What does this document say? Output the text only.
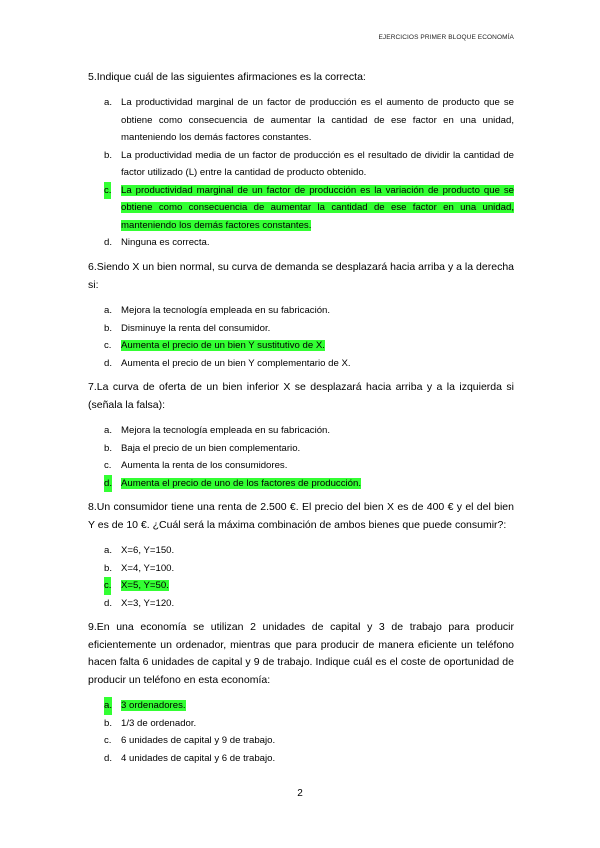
EJERCICIOS PRIMER BLOQUE ECONOMÍA
5.Indique cuál de las siguientes afirmaciones es la correcta:
a. La productividad marginal de un factor de producción es el aumento de producto que se obtiene como consecuencia de aumentar la cantidad de ese factor en una unidad, manteniendo los demás factores constantes.
b. La productividad media de un factor de producción es el resultado de dividir la cantidad de factor utilizado (L) entre la cantidad de producto obtenido.
c. La productividad marginal de un factor de producción es la variación de producto que se obtiene como consecuencia de aumentar la cantidad de ese factor en una unidad, manteniendo los demás factores constantes.
d. Ninguna es correcta.
6.Siendo X un bien normal, su curva de demanda se desplazará hacia arriba y a la derecha si:
a. Mejora la tecnología empleada en su fabricación.
b. Disminuye la renta del consumidor.
c. Aumenta el precio de un bien Y sustitutivo de X.
d. Aumenta el precio de un bien Y complementario de X.
7.La curva de oferta de un bien inferior X se desplazará hacia arriba y a la izquierda si (señala la falsa):
a. Mejora la tecnología empleada en su fabricación.
b. Baja el precio de un bien complementario.
c. Aumenta la renta de los consumidores.
d. Aumenta el precio de uno de los factores de producción.
8.Un consumidor tiene una renta de 2.500 €. El precio del bien X es de 400 € y el del bien Y es de 10 €. ¿Cuál será la máxima combinación de ambos bienes que puede consumir?:
a. X=6, Y=150.
b. X=4, Y=100.
c. X=5, Y=50.
d. X=3, Y=120.
9.En una economía se utilizan 2 unidades de capital y 3 de trabajo para producir eficientemente un ordenador, mientras que para producir de manera eficiente un teléfono hacen falta 6 unidades de capital y 9 de trabajo. Indique cuál es el coste de oportunidad de producir un teléfono en esta economía:
a. 3 ordenadores.
b. 1/3 de ordenador.
c. 6 unidades de capital y 9 de trabajo.
d. 4 unidades de capital y 6 de trabajo.
2
